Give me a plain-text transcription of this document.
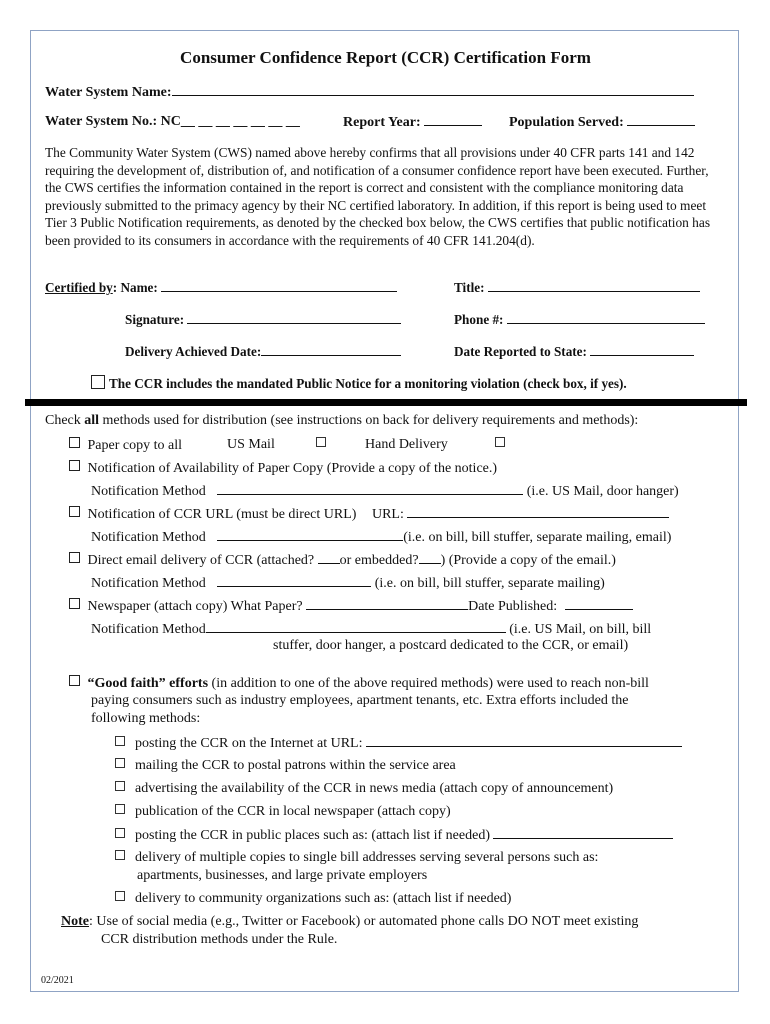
Consumer Confidence Report (CCR) Certification Form
Water System Name:
Water System No.: NC__ __ __ __ __ __ __	Report Year:	Population Served:
The Community Water System (CWS) named above hereby confirms that all provisions under 40 CFR parts 141 and 142 requiring the development of, distribution of, and notification of a consumer confidence report have been executed. Further, the CWS certifies the information contained in the report is correct and consistent with the compliance monitoring data previously submitted to the primacy agency by their NC certified laboratory. In addition, if this report is being used to meet Tier 3 Public Notification requirements, as denoted by the checked box below, the CWS certifies that public notification has been provided to its consumers in accordance with the requirements of 40 CFR 141.204(d).
Certified by: Name:	Title:
Signature:	Phone #:
Delivery Achieved Date:	Date Reported to State:
The CCR includes the mandated Public Notice for a monitoring violation (check box, if yes).
Check all methods used for distribution (see instructions on back for delivery requirements and methods):
Paper copy to all	US Mail	Hand Delivery
Notification of Availability of Paper Copy (Provide a copy of the notice.)
Notification Method	(i.e. US Mail, door hanger)
Notification of CCR URL (must be direct URL) URL:
Notification Method	(i.e. on bill, bill stuffer, separate mailing, email)
Direct email delivery of CCR (attached? or embedded? ) (Provide a copy of the email.)
Notification Method	(i.e. on bill, bill stuffer, separate mailing)
Newspaper (attach copy) What Paper?	Date Published:
Notification Method	(i.e. US Mail, on bill, bill
stuffer, door hanger, a postcard dedicated to the CCR, or email)
“Good faith” efforts (in addition to one of the above required methods) were used to reach non-bill
paying consumers such as industry employees, apartment tenants, etc. Extra efforts included the
following methods:
posting the CCR on the Internet at URL:
mailing the CCR to postal patrons within the service area
advertising the availability of the CCR in news media (attach copy of announcement)
publication of the CCR in local newspaper (attach copy)
posting the CCR in public places such as: (attach list if needed)
delivery of multiple copies to single bill addresses serving several persons such as:
apartments, businesses, and large private employers
delivery to community organizations such as: (attach list if needed)
Note: Use of social media (e.g., Twitter or Facebook) or automated phone calls DO NOT meet existing
CCR distribution methods under the Rule.
02/2021
